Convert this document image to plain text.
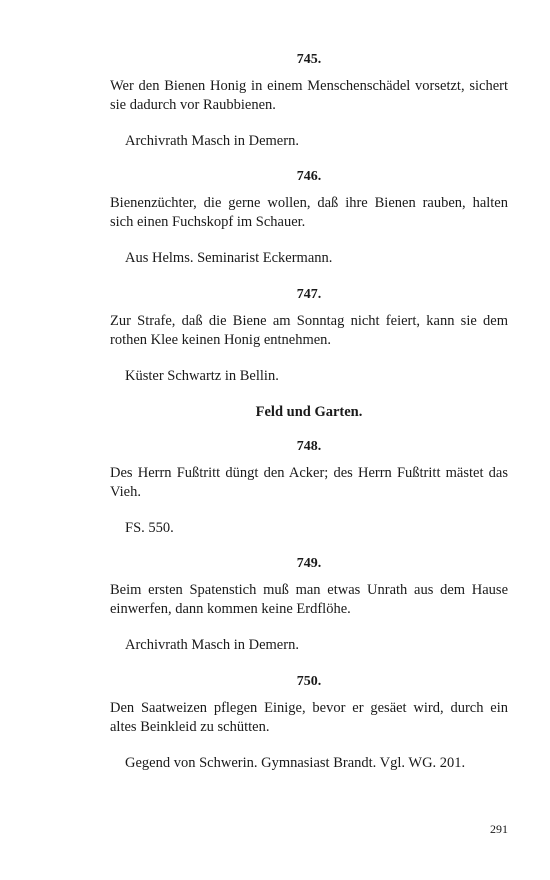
745.

Wer den Bienen Honig in einem Menschenschädel vorsetzt, sichert sie dadurch vor Raubbienen.

Archivrath Masch in Demern.

746.

Bienenzüchter, die gerne wollen, daß ihre Bienen rauben, halten sich einen Fuchskopf im Schauer.

Aus Helms. Seminarist Eckermann.

747.

Zur Strafe, daß die Biene am Sonntag nicht feiert, kann sie dem rothen Klee keinen Honig entnehmen.

Küster Schwartz in Bellin.

Feld und Garten.

748.

Des Herrn Fußtritt düngt den Acker; des Herrn Fußtritt mästet das Vieh.

FS. 550.

749.

Beim ersten Spatenstich muß man etwas Unrath aus dem Hause einwerfen, dann kommen keine Erdflöhe.

Archivrath Masch in Demern.

750.

Den Saatweizen pflegen Einige, bevor er gesäet wird, durch ein altes Beinkleid zu schütten.

Gegend von Schwerin. Gymnasiast Brandt. Vgl. WG. 201.

291
